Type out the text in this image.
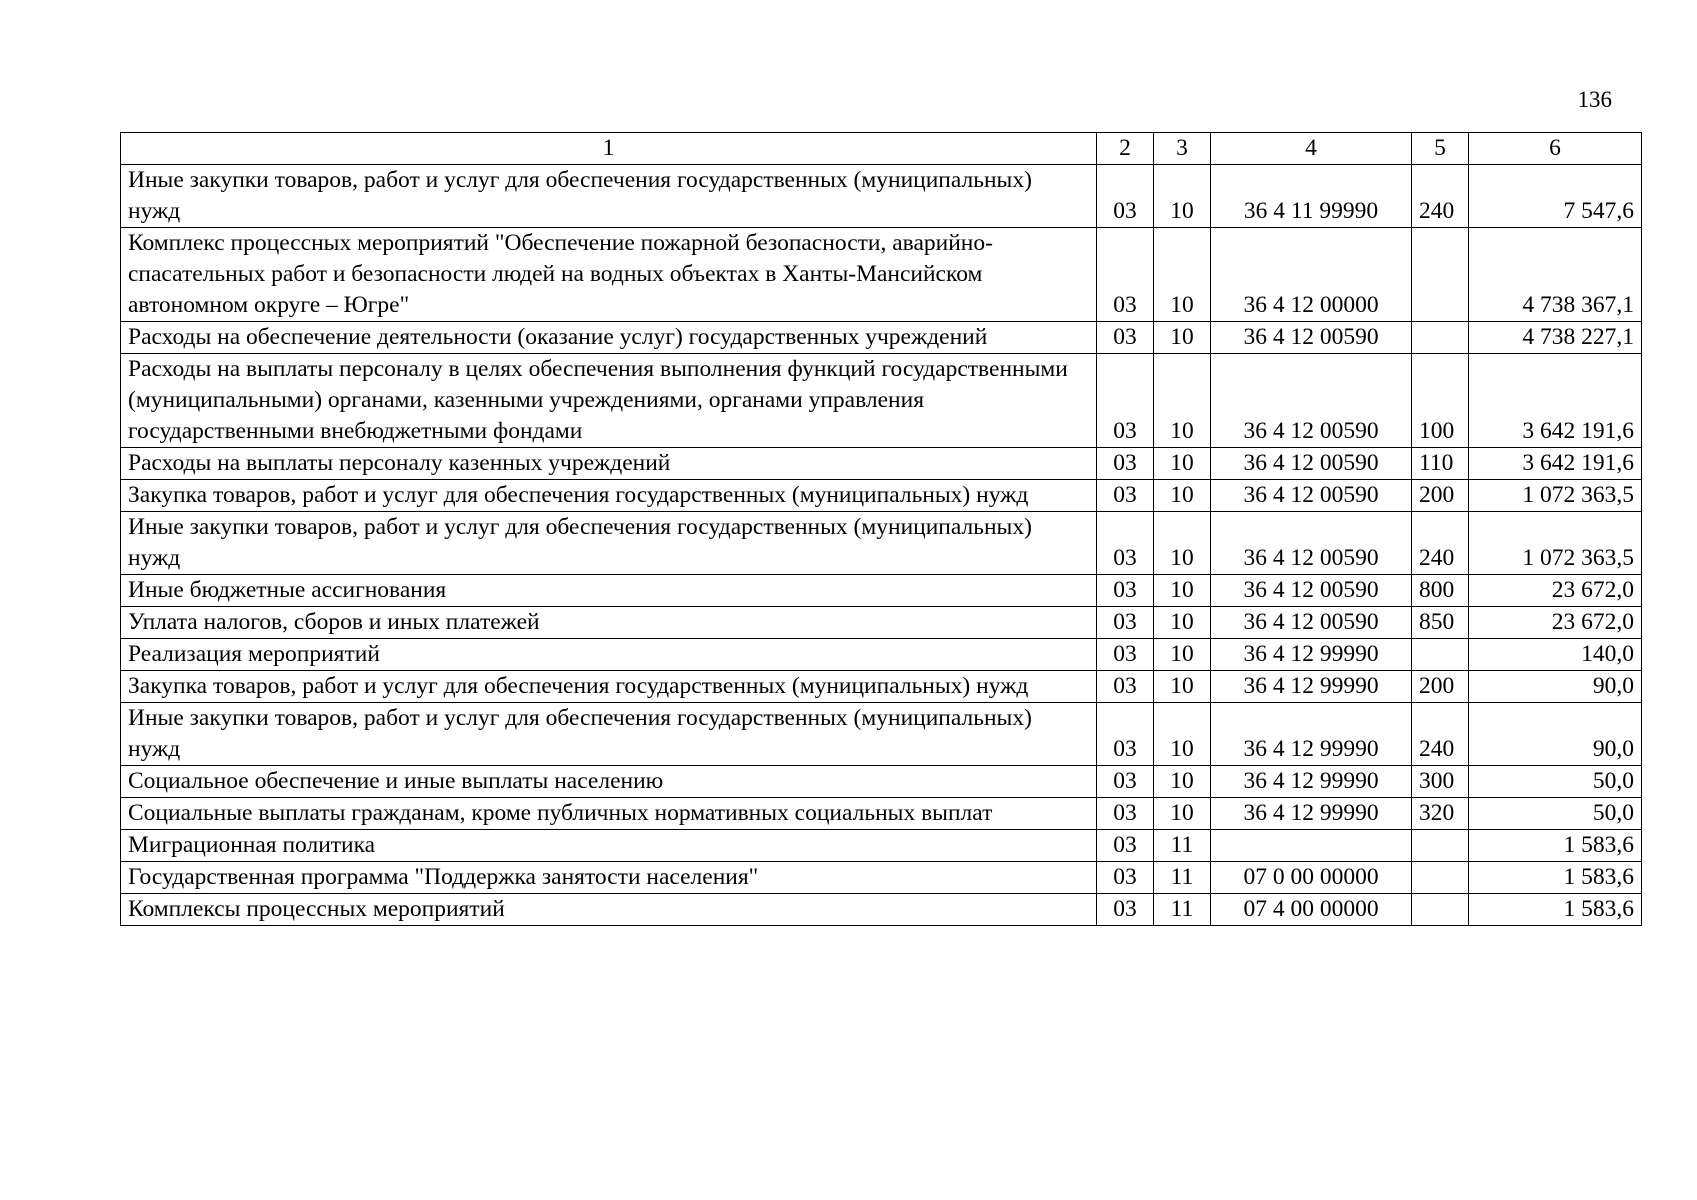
136
1	2	3	4	5	6
Иные закупки товаров, работ и услуг для обеспечения государственных (муниципальных) нужд	03	10	36 4 11 99990	240	7 547,6
Комплекс процессных мероприятий "Обеспечение пожарной безопасности, аварийно-спасательных работ и безопасности людей на водных объектах в Ханты-Мансийском автономном округе – Югре"	03	10	36 4 12 00000		4 738 367,1
Расходы на обеспечение деятельности (оказание услуг) государственных учреждений	03	10	36 4 12 00590		4 738 227,1
Расходы на выплаты персоналу в целях обеспечения выполнения функций государственными (муниципальными) органами, казенными учреждениями, органами управления государственными внебюджетными фондами	03	10	36 4 12 00590	100	3 642 191,6
Расходы на выплаты персоналу казенных учреждений	03	10	36 4 12 00590	110	3 642 191,6
Закупка товаров, работ и услуг для обеспечения государственных (муниципальных) нужд	03	10	36 4 12 00590	200	1 072 363,5
Иные закупки товаров, работ и услуг для обеспечения государственных (муниципальных) нужд	03	10	36 4 12 00590	240	1 072 363,5
Иные бюджетные ассигнования	03	10	36 4 12 00590	800	23 672,0
Уплата налогов, сборов и иных платежей	03	10	36 4 12 00590	850	23 672,0
Реализация мероприятий	03	10	36 4 12 99990		140,0
Закупка товаров, работ и услуг для обеспечения государственных (муниципальных) нужд	03	10	36 4 12 99990	200	90,0
Иные закупки товаров, работ и услуг для обеспечения государственных (муниципальных) нужд	03	10	36 4 12 99990	240	90,0
Социальное обеспечение и иные выплаты населению	03	10	36 4 12 99990	300	50,0
Социальные выплаты гражданам, кроме публичных нормативных социальных выплат	03	10	36 4 12 99990	320	50,0
Миграционная политика	03	11			1 583,6
Государственная программа "Поддержка занятости населения"	03	11	07 0 00 00000		1 583,6
Комплексы процессных мероприятий	03	11	07 4 00 00000		1 583,6
